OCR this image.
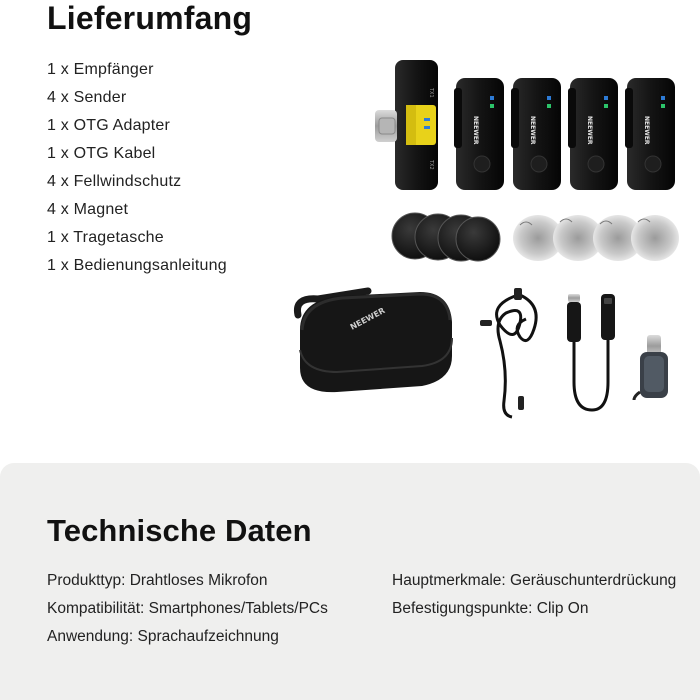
Lieferumfang
1 x Empfänger
4 x Sender
1 x OTG Adapter
1 x OTG Kabel
4 x Fellwindschutz
4 x Magnet
1 x Tragetasche
1 x Bedienungsanleitung
TX1
TX2
NEEWER	NEEWER	NEEWER	NEEWER
NEEWER
Technische Daten
Produkttyp: Drahtloses Mikrofon
Kompatibilität: Smartphones/Tablets/PCs
Anwendung: Sprachaufzeichnung
Hauptmerkmale: Geräuschunterdrückung
Befestigungspunkte: Clip On
